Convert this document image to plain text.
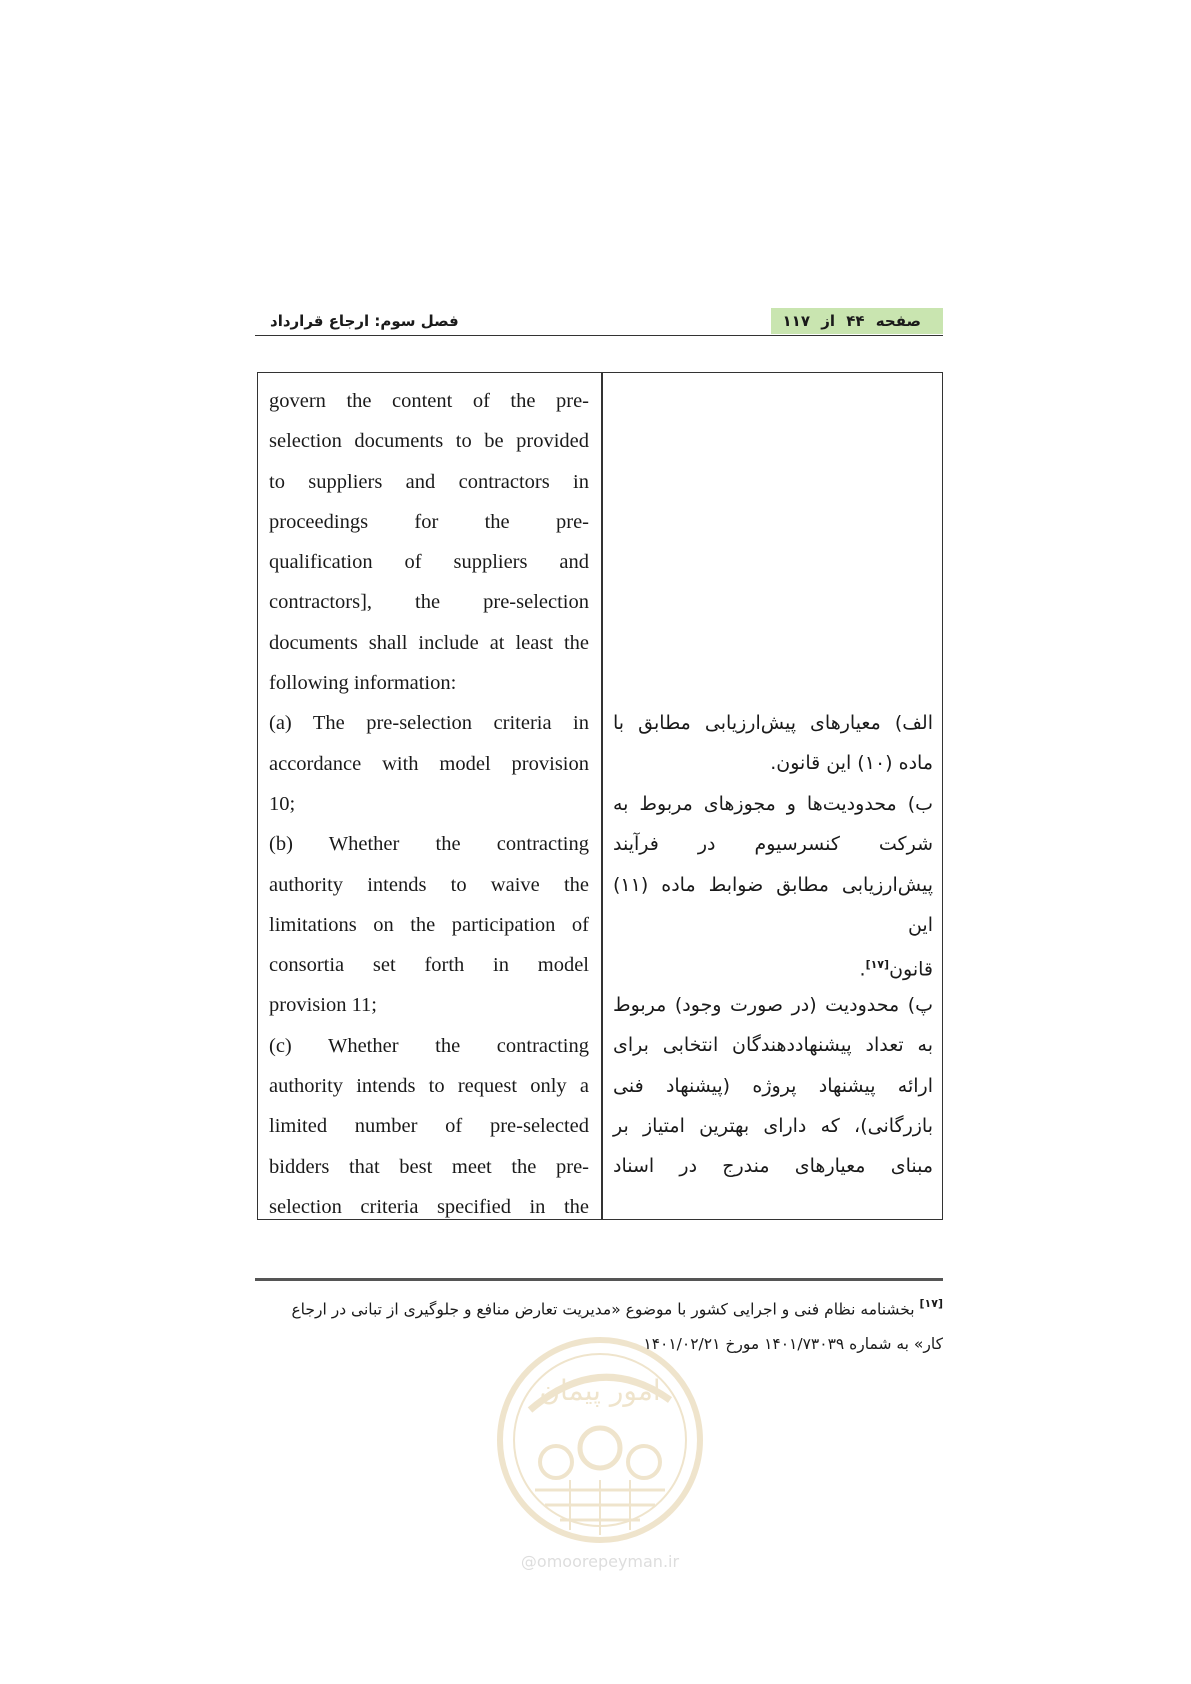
صفحه ۴۴ از ۱۱۷
فصل سوم: ارجاع قرارداد
govern the content of the pre-
selection documents to be provided
to suppliers and contractors in
proceedings for the pre-
qualification of suppliers and
contractors], the pre-selection
documents shall include at least the
following information:
(a) The pre-selection criteria in
accordance with model provision
10;
(b) Whether the contracting
authority intends to waive the
limitations on the participation of
consortia set forth in model
provision 11;
(c) Whether the contracting
authority intends to request only a
limited number of pre-selected
bidders that best meet the pre-
selection criteria specified in the
الف) معیارهای پیش‌ارزیابی مطابق با
ماده (۱۰) این قانون.
ب) محدودیت‌ها و مجوزهای مربوط به
شرکت کنسرسیوم در فرآیند
پیش‌ارزیابی مطابق ضوابط ماده (۱۱) این
قانون[۱۷].
پ) محدودیت (در صورت وجود) مربوط
به تعداد پیشنهاددهندگان انتخابی برای
ارائه پیشنهاد پروژه (پیشنهاد فنی
بازرگانی)، که دارای بهترین امتیاز بر
مبنای معیارهای مندرج در اسناد
[۱۷] بخشنامه نظام فنی و اجرایی کشور با موضوع «مدیریت تعارض منافع و جلوگیری از تبانی در ارجاع
کار» به شماره ۱۴۰۱/۷۳۰۳۹ مورخ ۱۴۰۱/۰۲/۲۱
امور پیمان
@omoorepeyman.ir
